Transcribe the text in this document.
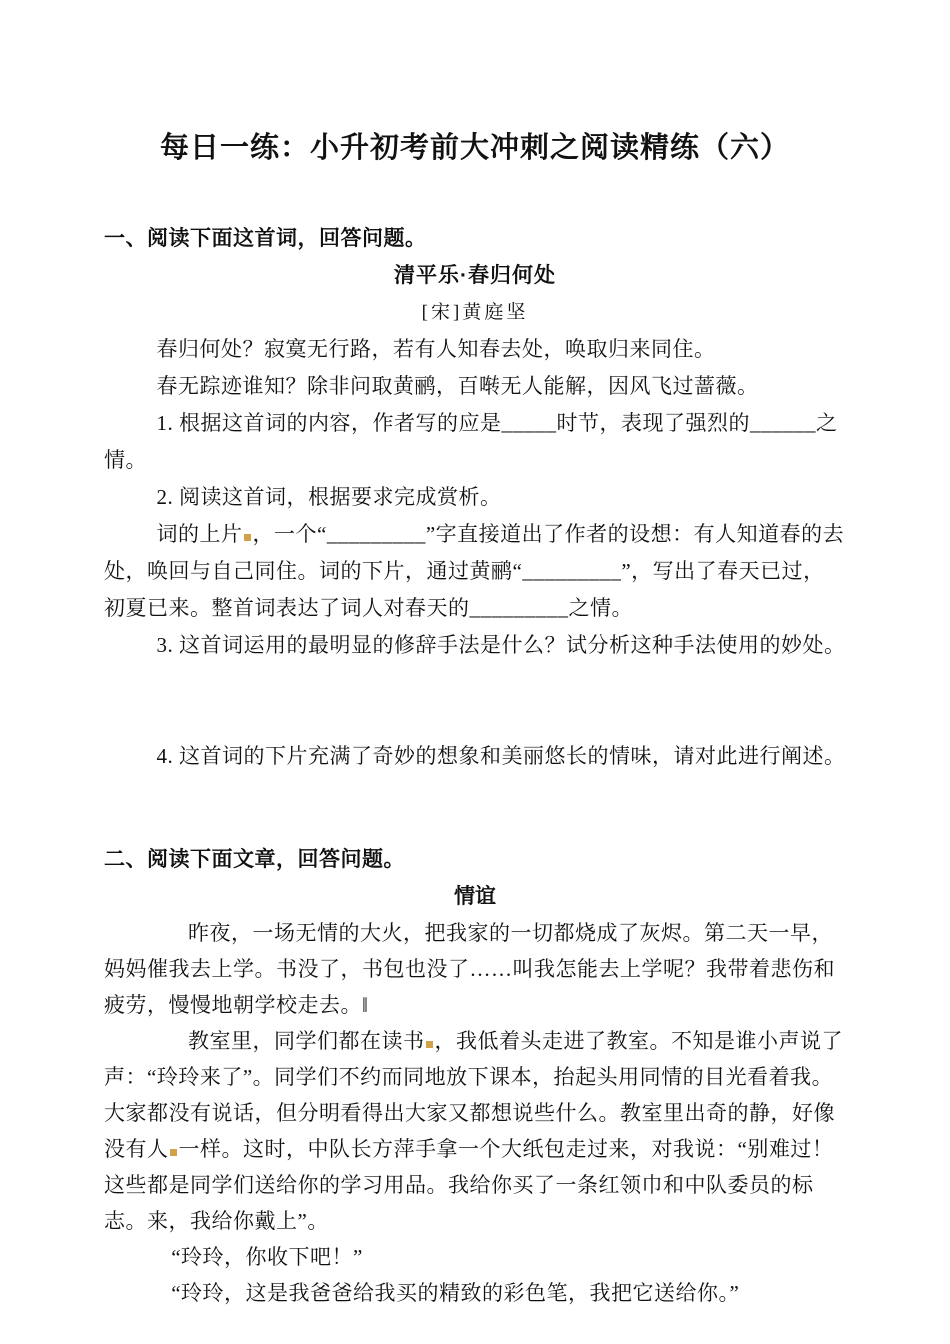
每日一练：小升初考前大冲刺之阅读精练（六）

一、阅读下面这首词，回答问题。

清平乐·春归何处

[宋]黄庭坚

春归何处？寂寞无行路，若有人知春去处，唤取归来同住。

春无踪迹谁知？除非问取黄鹂，百啭无人能解，因风飞过蔷薇。

1. 根据这首词的内容，作者写的应是_____时节，表现了强烈的______之情。

2. 阅读这首词，根据要求完成赏析。

词的上片 ，一个“_________”字直接道出了作者的设想：有人知道春的去处，唤回与自己同住。词的下片，通过黄鹂“_________”，写出了春天已过，初夏已来。整首词表达了词人对春天的_________之情。

3. 这首词运用的最明显的修辞手法是什么？试分析这种手法使用的妙处。

4. 这首词的下片充满了奇妙的想象和美丽悠长的情味，请对此进行阐述。

二、阅读下面文章，回答问题。

情谊

昨夜，一场无情的大火，把我家的一切都烧成了灰烬。第二天一早，妈妈催我去上学。书没了，书包也没了……叫我怎能去上学呢？我带着悲伤和疲劳，慢慢地朝学校走去。‖

教室里，同学们都在读书 ，我低着头走进了教室。不知是谁小声说了声：“玲玲来了”。同学们不约而同地放下课本，抬起头用同情的目光看着我。大家都没有说话，但分明看得出大家又都想说些什么。教室里出奇的静，好像没有人 一样。这时，中队长方萍手拿一个大纸包走过来，对我说：“别难过！这些都是同学们送给你的学习用品。我给你买了一条红领巾和中队委员的标志。来，我给你戴上”。

“玲玲，你收下吧！”

“玲玲，这是我爸爸给我买的精致的彩色笔，我把它送给你。”
